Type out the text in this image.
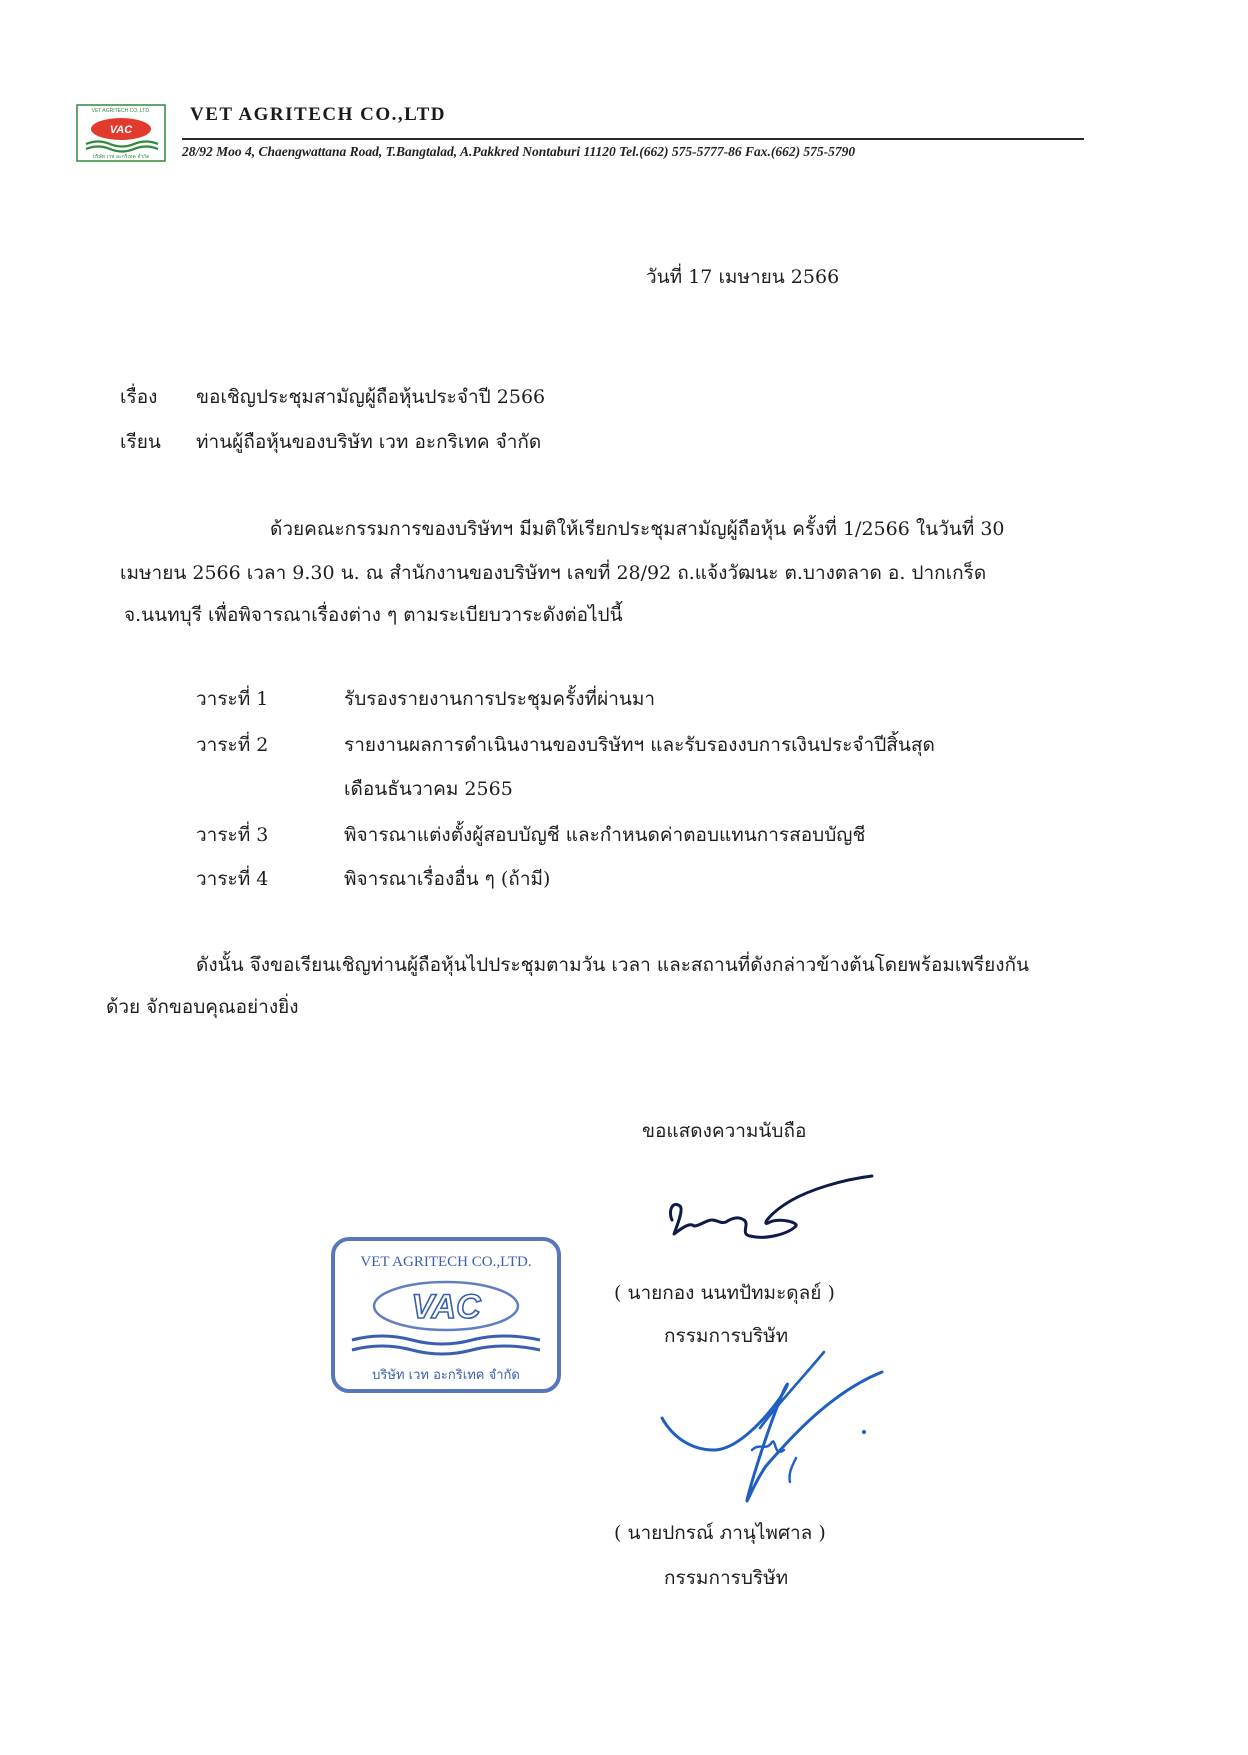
VET AGRITECH CO.,LTD.
VAC
บริษัท เวท อะกริเทค จำกัด
VET AGRITECH CO.,LTD
28/92 Moo 4, Chaengwattana Road, T.Bangtalad, A.Pakkred Nontaburi 11120 Tel.(662) 575-5777-86 Fax.(662) 575-5790
วันที่ 17 เมษายน 2566
เรื่อง ขอเชิญประชุมสามัญผู้ถือหุ้นประจำปี 2566
เรียน ท่านผู้ถือหุ้นของบริษัท เวท อะกริเทค จำกัด
ด้วยคณะกรรมการของบริษัทฯ มีมติให้เรียกประชุมสามัญผู้ถือหุ้น ครั้งที่ 1/2566 ในวันที่ 30
เมษายน 2566 เวลา 9.30 น. ณ สำนักงานของบริษัทฯ เลขที่ 28/92 ถ.แจ้งวัฒนะ ต.บางตลาด อ. ปากเกร็ด
จ.นนทบุรี เพื่อพิจารณาเรื่องต่าง ๆ ตามระเบียบวาระดังต่อไปนี้
วาระที่ 1	รับรองรายงานการประชุมครั้งที่ผ่านมา
วาระที่ 2	รายงานผลการดำเนินงานของบริษัทฯ และรับรองงบการเงินประจำปีสิ้นสุด
เดือนธันวาคม 2565
วาระที่ 3	พิจารณาแต่งตั้งผู้สอบบัญชี และกำหนดค่าตอบแทนการสอบบัญชี
วาระที่ 4	พิจารณาเรื่องอื่น ๆ (ถ้ามี)
ดังนั้น จึงขอเรียนเชิญท่านผู้ถือหุ้นไปประชุมตามวัน เวลา และสถานที่ดังกล่าวข้างต้นโดยพร้อมเพรียงกัน
ด้วย จักขอบคุณอย่างยิ่ง
ขอแสดงความนับถือ
( นายกอง นนทปัทมะดุลย์ )
กรรมการบริษัท
VET AGRITECH CO.,LTD.
VAC
บริษัท เวท อะกริเทค จำกัด
( นายปกรณ์ ภานุไพศาล )
กรรมการบริษัท
